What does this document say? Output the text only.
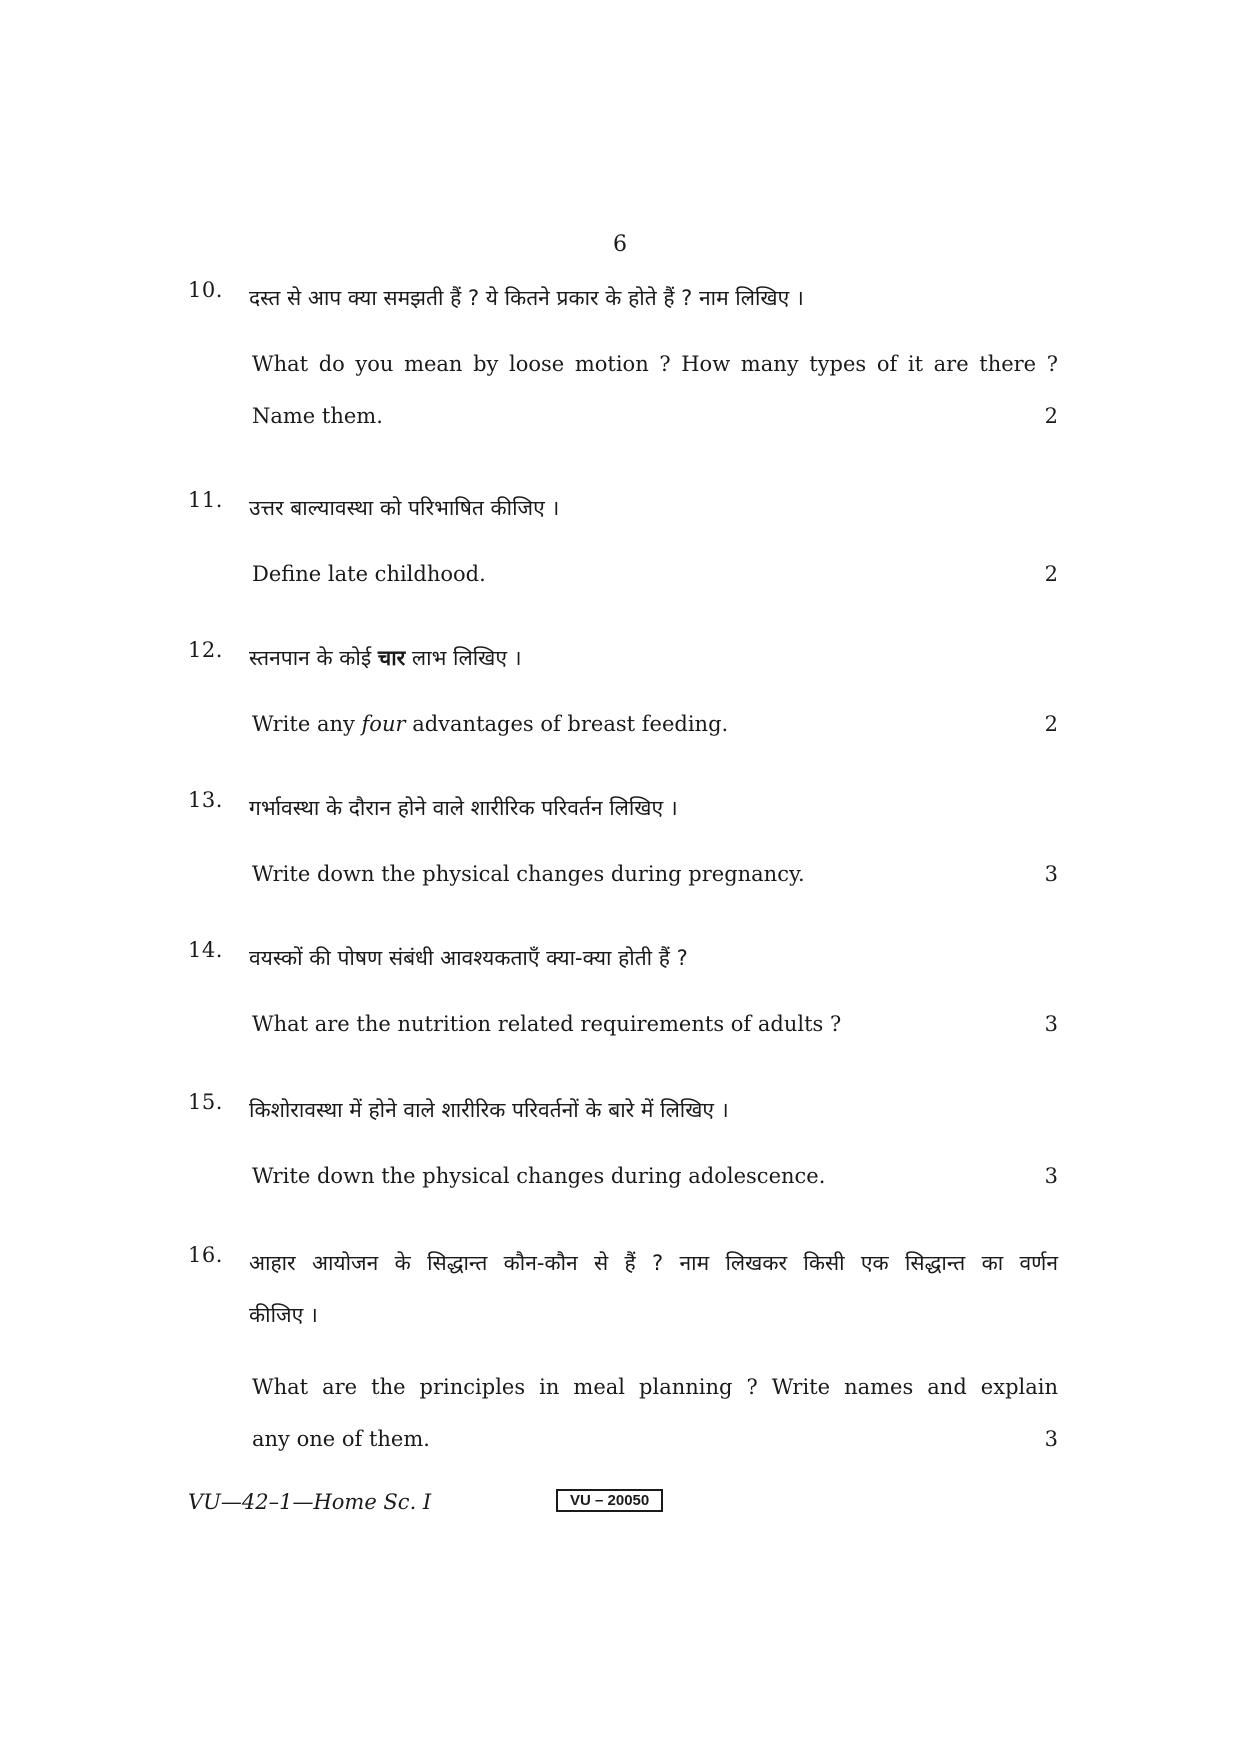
6
10. दस्त से आप क्या समझती हैं ? ये कितने प्रकार के होते हैं ? नाम लिखिए ।
What do you mean by loose motion ? How many types of it are there ?
Name them.	2
11. उत्तर बाल्यावस्था को परिभाषित कीजिए ।
Define late childhood.	2
12. स्तनपान के कोई चार लाभ लिखिए ।
Write any four advantages of breast feeding.	2
13. गर्भावस्था के दौरान होने वाले शारीरिक परिवर्तन लिखिए ।
Write down the physical changes during pregnancy.	3
14. वयस्कों की पोषण संबंधी आवश्यकताएँ क्या-क्या होती हैं ?
What are the nutrition related requirements of adults ?	3
15. किशोरावस्था में होने वाले शारीरिक परिवर्तनों के बारे में लिखिए ।
Write down the physical changes during adolescence.	3
16. आहार आयोजन के सिद्धान्त कौन-कौन से हैं ? नाम लिखकर किसी एक सिद्धान्त का वर्णन
कीजिए ।
What are the principles in meal planning ? Write names and explain
any one of them.	3
VU—42–1—Home Sc. I	VU – 20050
